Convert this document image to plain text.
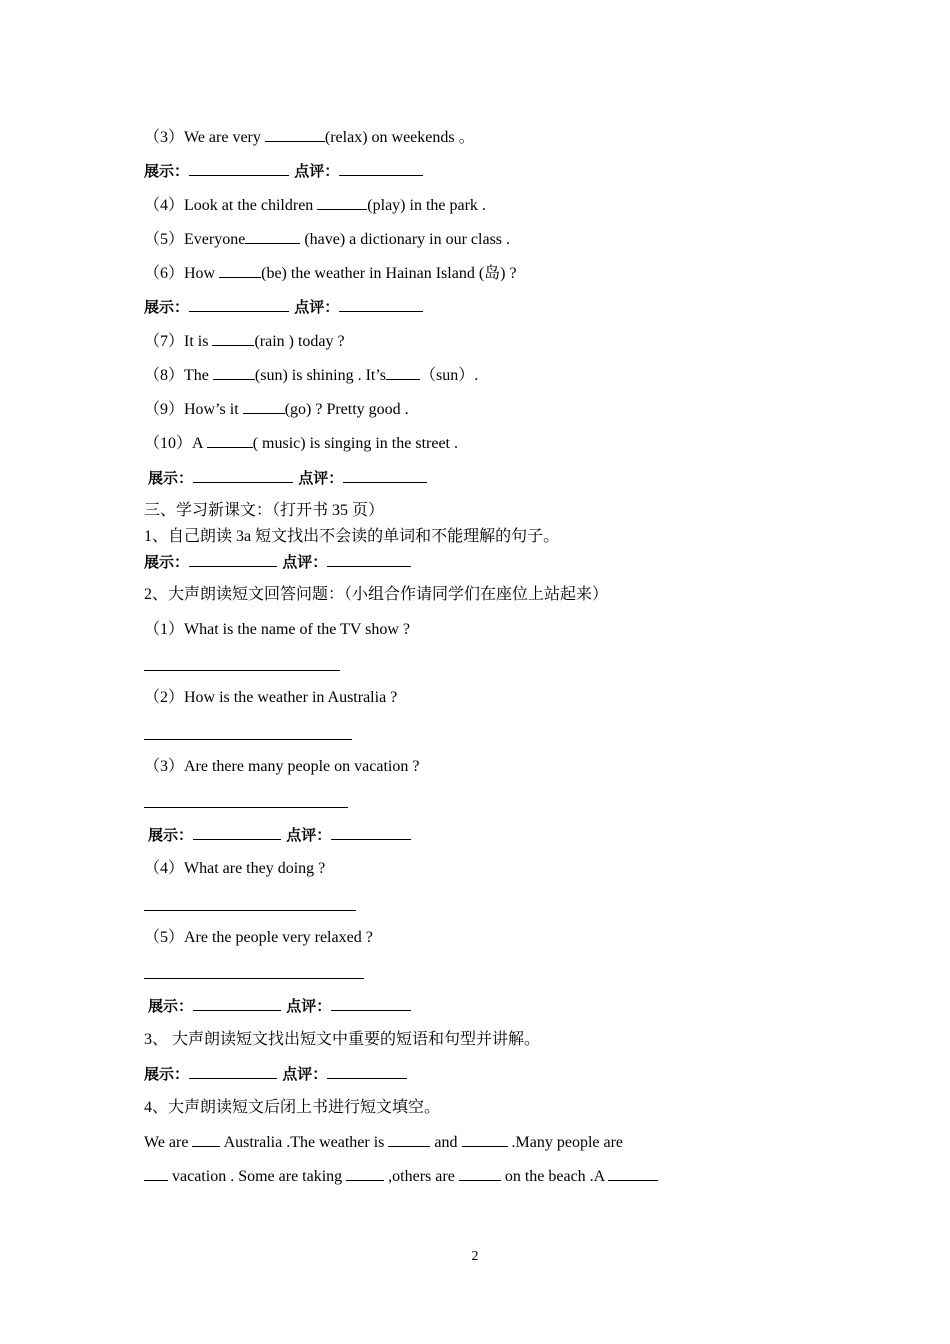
（3）We are very	(relax) on weekends 。
展示：	点评：
（4）Look at the children	(play) in the park .
（5）Everyone	(have) a dictionary in our class .
（6）How	(be) the weather in Hainan Island (岛) ?
展示：	点评：
（7）It is	(rain ) today ?
（8）The	(sun) is shining . It’s （sun）.
（9）How’s it	(go) ? Pretty good .
（10）A	( music) is singing in the street .
展示：	点评：
三、学习新课文：（打开书 35 页）
1、自己朗读 3a 短文找出不会读的单词和不能理解的句子。
展示：	点评：
2、大声朗读短文回答问题：（小组合作请同学们在座位上站起来）
（1）What is the name of the TV show ?
（2）How is the weather in Australia ?
（3）Are there many people on vacation ?
展示：	点评：
（4）What are they doing ?
（5）Are the people very relaxed ?
展示：	点评：
3、 大声朗读短文找出短文中重要的短语和句型并讲解。
展示：	点评：
4、大声朗读短文后闭上书进行短文填空。
We are  Australia .The weather is	and	.Many people are
vacation . Some are taking  ,others are	on the beach .A
2
